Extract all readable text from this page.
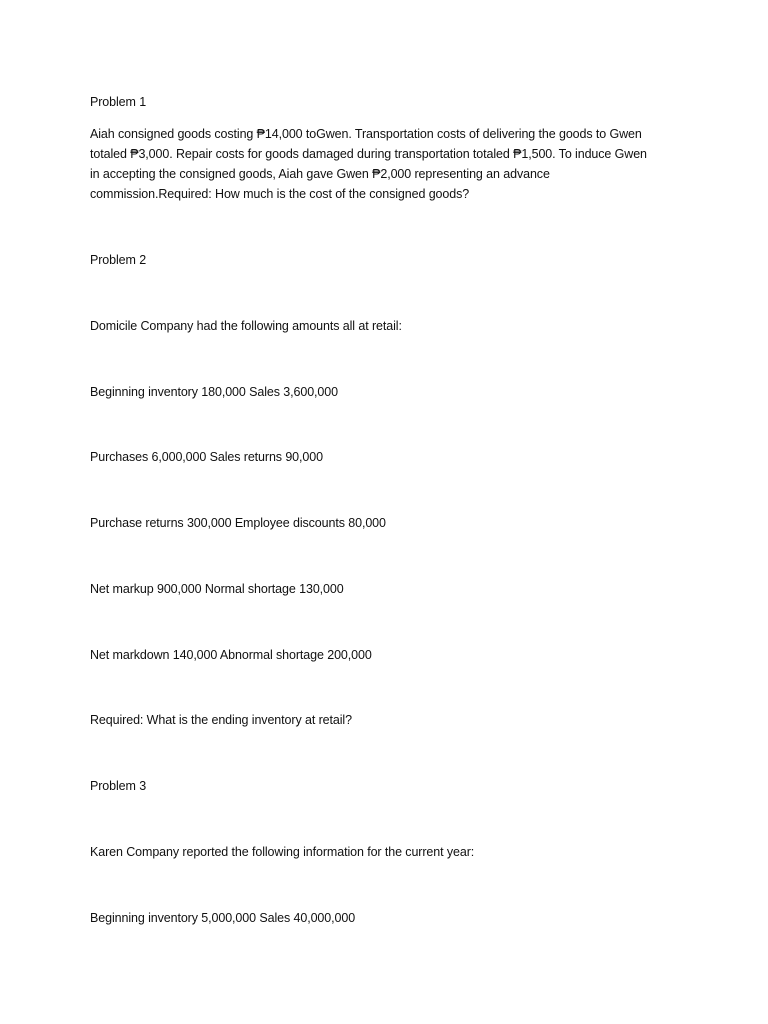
Problem 1

Aiah consigned goods costing ₱14,000 toGwen. Transportation costs of delivering the goods to Gwen
totaled ₱3,000. Repair costs for goods damaged during transportation totaled ₱1,500. To induce Gwen
in accepting the consigned goods, Aiah gave Gwen ₱2,000 representing an advance
commission.Required: How much is the cost of the consigned goods?

Problem 2

Domicile Company had the following amounts all at retail:

Beginning inventory 180,000 Sales 3,600,000

Purchases 6,000,000 Sales returns 90,000

Purchase returns 300,000 Employee discounts 80,000

Net markup 900,000 Normal shortage 130,000

Net markdown 140,000 Abnormal shortage 200,000

Required: What is the ending inventory at retail?

Problem 3

Karen Company reported the following information for the current year:

Beginning inventory 5,000,000 Sales 40,000,000
